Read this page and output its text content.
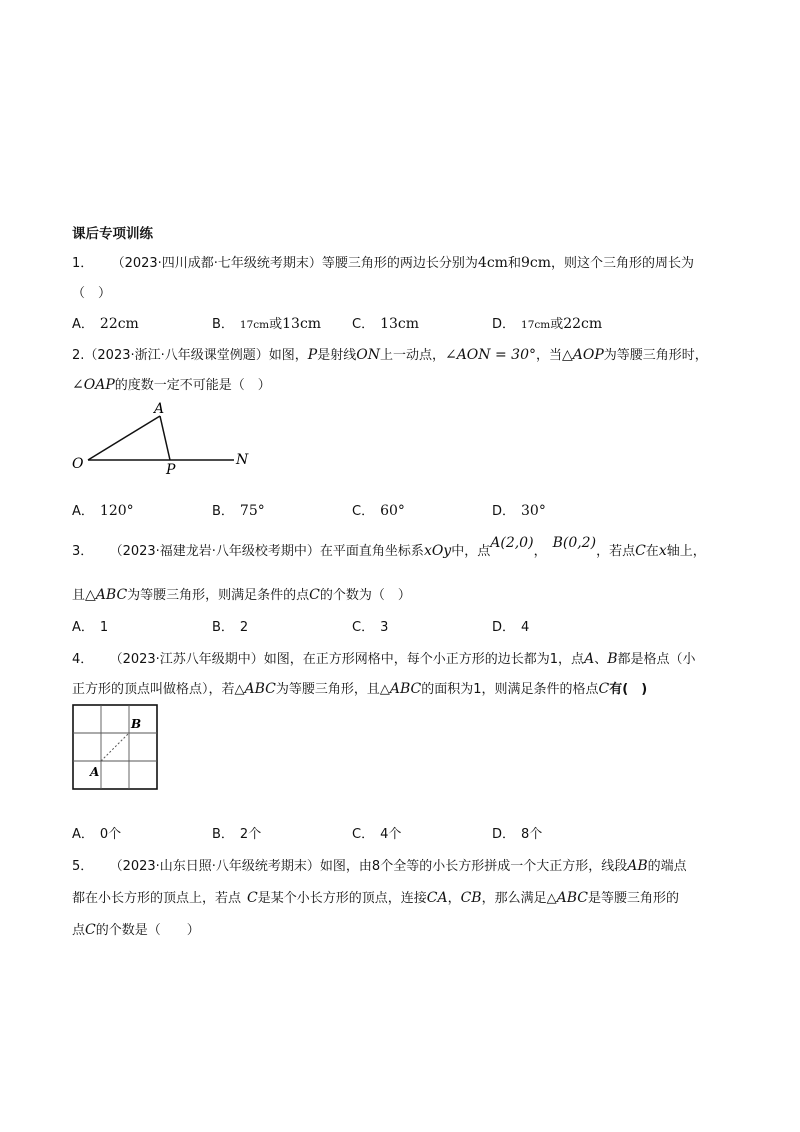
课后专项训练
1． （2023·四川成都·七年级统考期末）等腰三角形的两边长分别为4cm和9cm，则这个三角形的周长为
（　）
A． 22cm	B． 17cm或13cm C． 13cm	D． 17cm或22cm
2.（2023·浙江·八年级课堂例题）如图，P是射线ON上一动点，∠AON = 30°，当△AOP为等腰三角形时，
∠OAP的度数一定不可能是（　）
A
O	P
N
A． 120°	B． 75°	C． 60°	D． 30°
3． （2023·福建龙岩·八年级校考期中）在平面直角坐标系xOy中，点A(2,0)，B(0,2)，若点C在x轴上，
且△ABC为等腰三角形，则满足条件的点C的个数为（　）
A． 1	B． 2	C． 3	D． 4
4． （2023·江苏八年级期中）如图，在正方形网格中，每个小正方形的边长都为1，点A、B都是格点（小
正方形的顶点叫做格点），若△ABC为等腰三角形，且△ABC的面积为1，则满足条件的格点C有(　)
A
B
A． 0个	B． 2个	C． 4个	D． 8个
5． （2023·山东日照·八年级统考期末）如图，由8个全等的小长方形拼成一个大正方形，线段AB的端点
都在小长方形的顶点上，若点 C是某个小长方形的顶点，连接CA，CB，那么满足△ABC是等腰三角形的
点C的个数是（　　）
